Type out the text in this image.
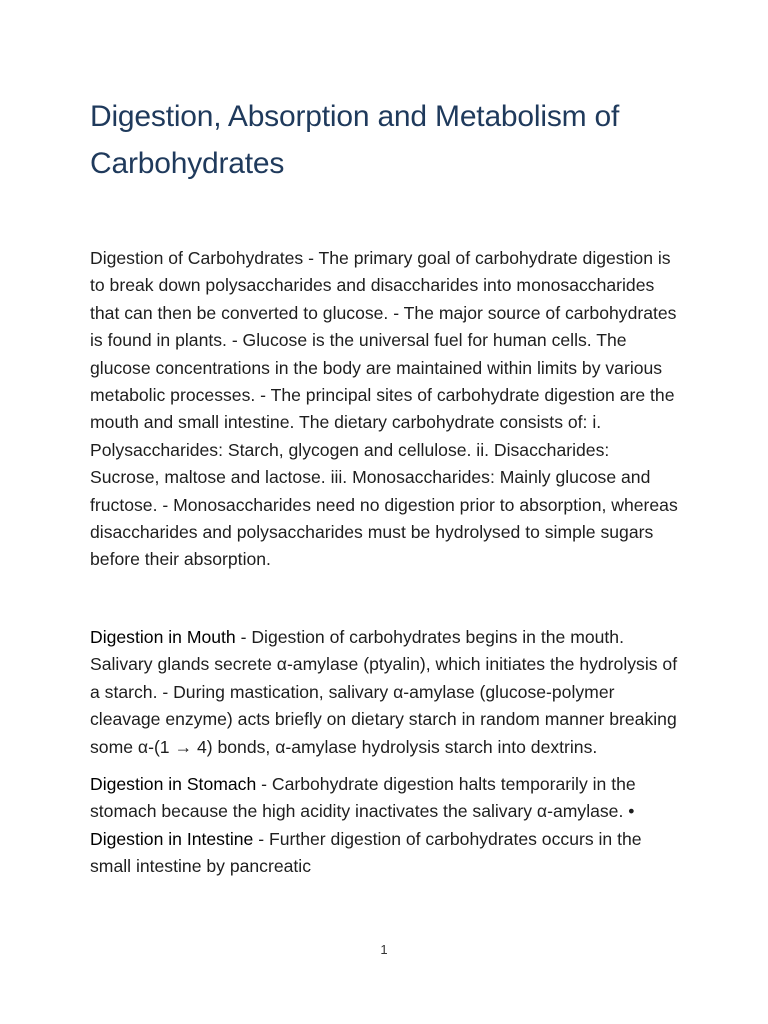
Digestion, Absorption and Metabolism of Carbohydrates

Digestion of Carbohydrates - The primary goal of carbohydrate digestion is to break down polysaccharides and disaccharides into monosaccharides that can then be converted to glucose. - The major source of carbohydrates is found in plants. - Glucose is the universal fuel for human cells. The glucose concentrations in the body are maintained within limits by various metabolic processes. - The principal sites of carbohydrate digestion are the mouth and small intestine. The dietary carbohydrate consists of: i. Polysaccharides: Starch, glycogen and cellulose. ii. Disaccharides: Sucrose, maltose and lactose. iii. Monosaccharides: Mainly glucose and fructose. - Monosaccharides need no digestion prior to absorption, whereas disaccharides and polysaccharides must be hydrolysed to simple sugars before their absorption.

Digestion in Mouth - Digestion of carbohydrates begins in the mouth. Salivary glands secrete α-amylase (ptyalin), which initiates the hydrolysis of a starch. - During mastication, salivary α-amylase (glucose-polymer cleavage enzyme) acts briefly on dietary starch in random manner breaking some α-(1 → 4) bonds, α-amylase hydrolysis starch into dextrins.

Digestion in Stomach - Carbohydrate digestion halts temporarily in the stomach because the high acidity inactivates the salivary α-amylase. • Digestion in Intestine - Further digestion of carbohydrates occurs in the small intestine by pancreatic

1
